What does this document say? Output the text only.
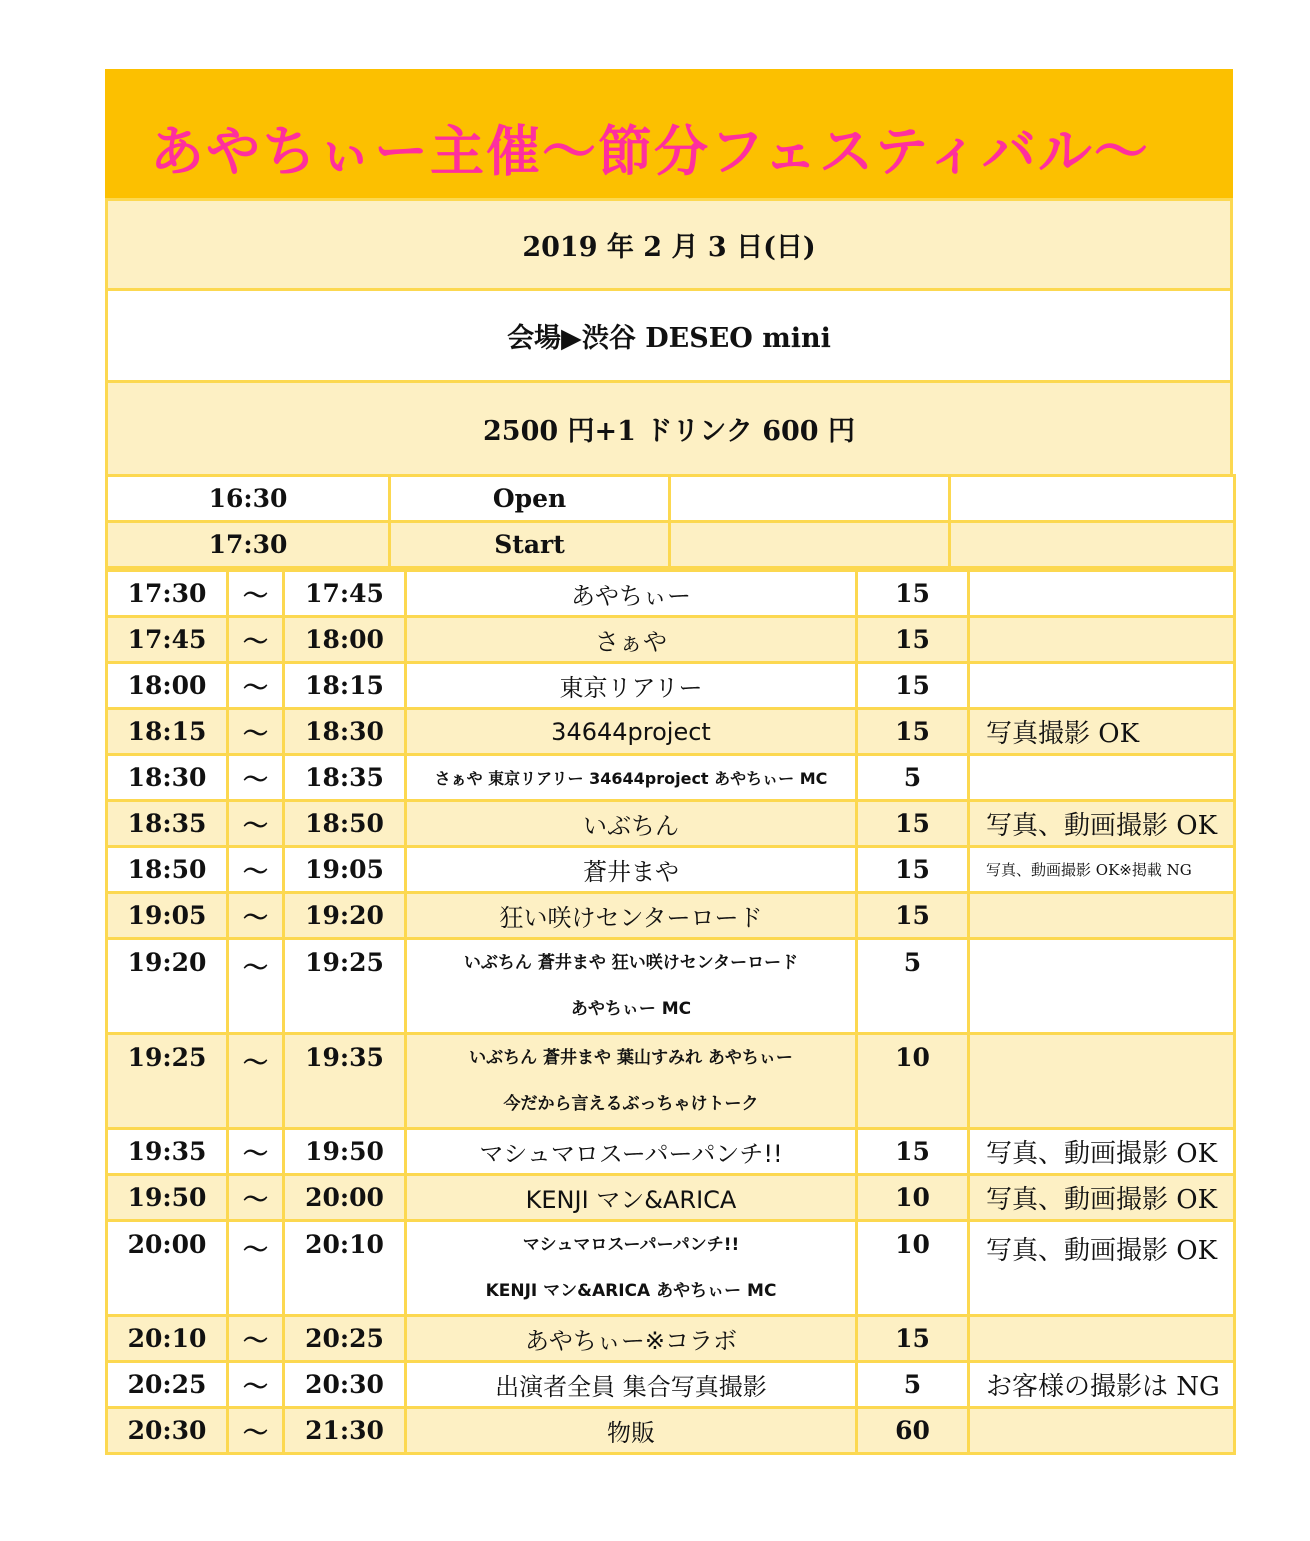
あやちぃー主催〜節分フェスティバル〜
2019 年 2 月 3 日(日)
会場▶渋谷 DESEO mini
2500 円+1 ドリンク 600 円
16:30	Open		
17:30	Start		
17:30	〜	17:45	あやちぃー	15	
17:45	〜	18:00	さぁや	15	
18:00	〜	18:15	東京リアリー	15	
18:15	〜	18:30	34644project	15	写真撮影 OK
18:30	〜	18:35	さぁや 東京リアリー 34644project あやちぃー MC	5	
18:35	〜	18:50	いぶちん	15	写真、動画撮影 OK
18:50	〜	19:05	蒼井まや	15	写真、動画撮影 OK※掲載 NG
19:05	〜	19:20	狂い咲けセンターロード	15	
19:20	〜	19:25	いぶちん 蒼井まや 狂い咲けセンターロード
あやちぃー MC	5	
19:25	〜	19:35	いぶちん 蒼井まや 葉山すみれ あやちぃー
今だから言えるぶっちゃけトーク	10	
19:35	〜	19:50	マシュマロスーパーパンチ!!	15	写真、動画撮影 OK
19:50	〜	20:00	KENJI マン&ARICA	10	写真、動画撮影 OK
20:00	〜	20:10	マシュマロスーパーパンチ!!
KENJI マン&ARICA あやちぃー MC	10	写真、動画撮影 OK
20:10	〜	20:25	あやちぃー※コラボ	15	
20:25	〜	20:30	出演者全員 集合写真撮影	5	お客様の撮影は NG
20:30	〜	21:30	物販	60	
